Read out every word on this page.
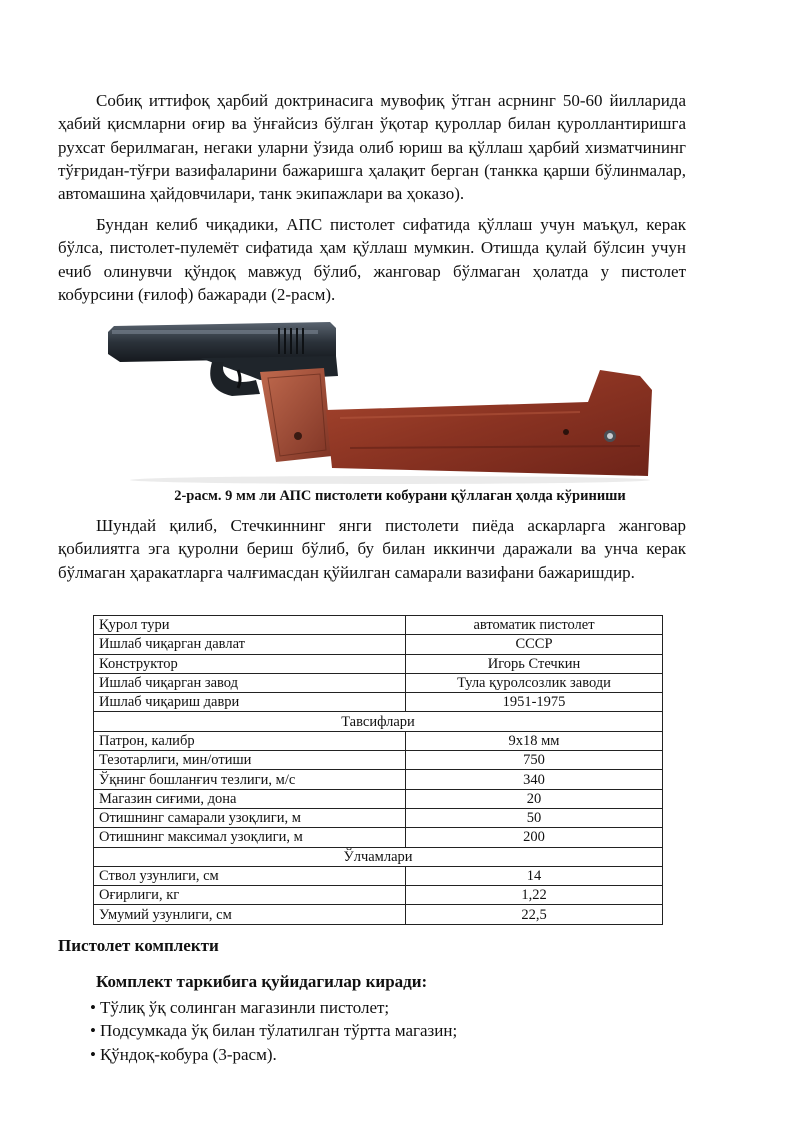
Собиқ иттифоқ ҳарбий доктринасига мувофиқ ўтган асрнинг 50-60 йилларида ҳабий қисмларни оғир ва ўнғайсиз бўлган ўқотар қуроллар билан қуроллантиришга рухсат берилмаган, негаки уларни ўзида олиб юриш ва қўллаш ҳарбий хизматчининг тўғридан-тўғри вазифаларини бажаришга ҳалақит берган (танкка қарши бўлинмалар, автомашина ҳайдовчилари, танк экипажлари ва ҳоказо).

Бундан келиб чиқадики, АПС пистолет сифатида қўллаш учун маъқул, керак бўлса, пистолет-пулемёт сифатида ҳам қўллаш мумкин. Отишда қулай бўлсин учун ечиб олинувчи қўндоқ мавжуд бўлиб, жанговар бўлмаган ҳолатда у пистолет кобурсини (ғилоф) бажаради (2-расм).

2-расм. 9 мм ли АПС пистолети кобурани қўллаган ҳолда кўриниши

Шундай қилиб, Стечкиннинг янги пистолети пиёда аскарларга жанговар қобилиятга эга қуролни бериш бўлиб, бу билан иккинчи даражали ва унча керак бўлмаган ҳаракатларга чалғимасдан қўйилган самарали вазифани бажаришдир.

Қурол тури	автоматик пистолет
Ишлаб чиқарган давлат	СССР
Конструктор	Игорь Стечкин
Ишлаб чиқарган завод	Тула қуролсозлик заводи
Ишлаб чиқариш даври	1951-1975
Тавсифлари	
Патрон, калибр	9х18 мм
Тезотарлиги, мин/отиши	750
Ўқнинг бошланғич тезлиги, м/с	340
Магазин сиғими, дона	20
Отишнинг самарали узоқлиги, м	50
Отишнинг максимал узоқлиги, м	200
Ўлчамлари	
Ствол узунлиги, см	14
Оғирлиги, кг	1,22
Умумий узунлиги, см	22,5
Пистолет комплекти
Комплект таркибига қуйидагилар киради:
• Тўлиқ ўқ солинган магазинли пистолет;
• Подсумкада ўқ билан тўлатилган тўртта магазин;
• Қўндоқ-кобура (3-расм).
